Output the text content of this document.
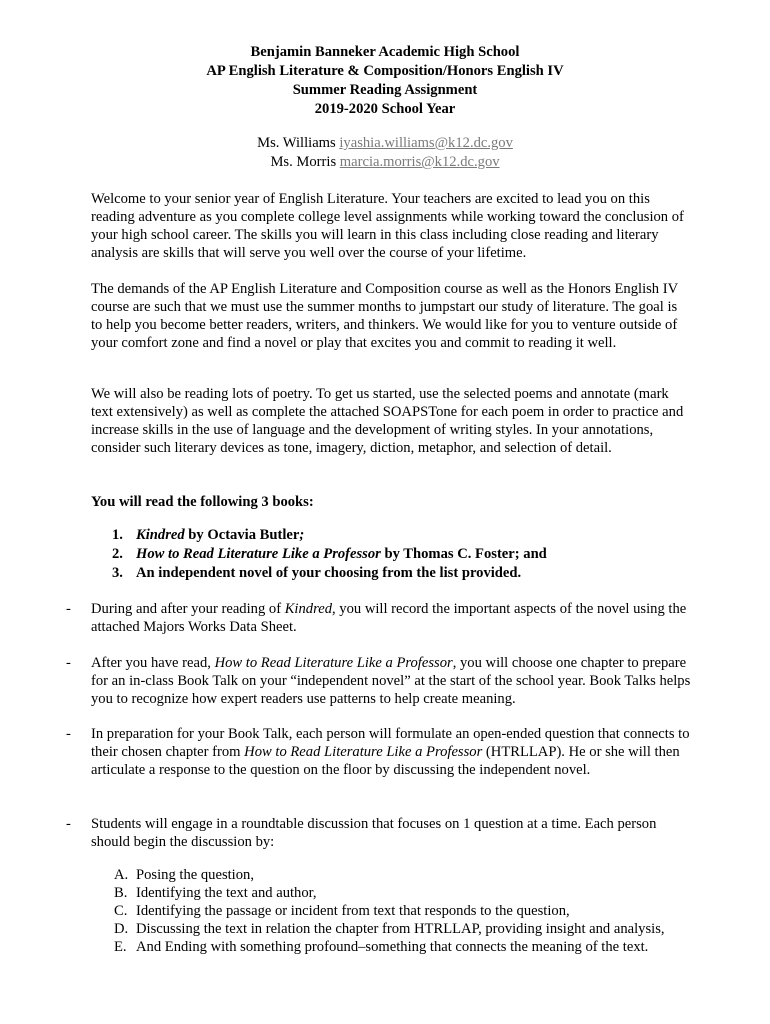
Benjamin Banneker Academic High School
AP English Literature & Composition/Honors English IV
Summer Reading Assignment
2019-2020 School Year
Ms. Williams iyashia.williams@k12.dc.gov
Ms. Morris marcia.morris@k12.dc.gov

Welcome to your senior year of English Literature. Your teachers are excited to lead you on this reading adventure as you complete college level assignments while working toward the conclusion of your high school career. The skills you will learn in this class including close reading and literary analysis are skills that will serve you well over the course of your lifetime.

The demands of the AP English Literature and Composition course as well as the Honors English IV course are such that we must use the summer months to jumpstart our study of literature. The goal is to help you become better readers, writers, and thinkers. We would like for you to venture outside of your comfort zone and find a novel or play that excites you and commit to reading it well.

We will also be reading lots of poetry. To get us started, use the selected poems and annotate (mark text extensively) as well as complete the attached SOAPSTone for each poem in order to practice and increase skills in the use of language and the development of writing styles. In your annotations, consider such literary devices as tone, imagery, diction, metaphor, and selection of detail.

You will read the following 3 books:
1. Kindred by Octavia Butler;
2. How to Read Literature Like a Professor by Thomas C. Foster; and
3. An independent novel of your choosing from the list provided.
- During and after your reading of Kindred, you will record the important aspects of the novel using the attached Majors Works Data Sheet.

- After you have read, How to Read Literature Like a Professor, you will choose one chapter to prepare for an in-class Book Talk on your “independent novel” at the start of the school year. Book Talks helps you to recognize how expert readers use patterns to help create meaning.

- In preparation for your Book Talk, each person will formulate an open-ended question that connects to their chosen chapter from How to Read Literature Like a Professor (HTRLLAP). He or she will then articulate a response to the question on the floor by discussing the independent novel.

- Students will engage in a roundtable discussion that focuses on 1 question at a time. Each person should begin the discussion by:

A. Posing the question,
B. Identifying the text and author,
C. Identifying the passage or incident from text that responds to the question,
D. Discussing the text in relation the chapter from HTRLLAP, providing insight and analysis,
E. And Ending with something profound–something that connects the meaning of the text.
